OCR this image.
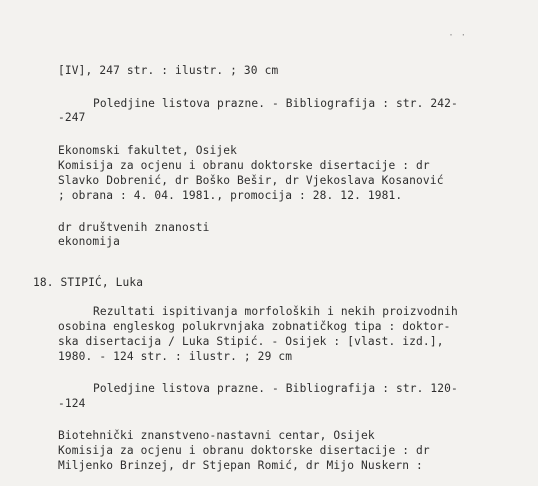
· ·
[IV], 247 str. : ilustr. ; 30 cm
Poledjine listova prazne. - Bibliografija : str. 242-
-247
Ekonomski fakultet, Osijek
Komisija za ocjenu i obranu doktorske disertacije : dr
Slavko Dobrenić, dr Boško Bešir, dr Vjekoslava Kosanović
; obrana : 4. 04. 1981., promocija : 28. 12. 1981.
dr društvenih znanosti
ekonomija
18. STIPIĆ, Luka
Rezultati ispitivanja morfoloških i nekih proizvodnih
osobina engleskog polukrvnjaka zobnatičkog tipa : doktor-
ska disertacija / Luka Stipić. - Osijek : [vlast. izd.],
1980. - 124 str. : ilustr. ; 29 cm
Poledjine listova prazne. - Bibliografija : str. 120-
-124
Biotehnički znanstveno-nastavni centar, Osijek
Komisija za ocjenu i obranu doktorske disertacije : dr
Miljenko Brinzej, dr Stjepan Romić, dr Mijo Nuskern :
